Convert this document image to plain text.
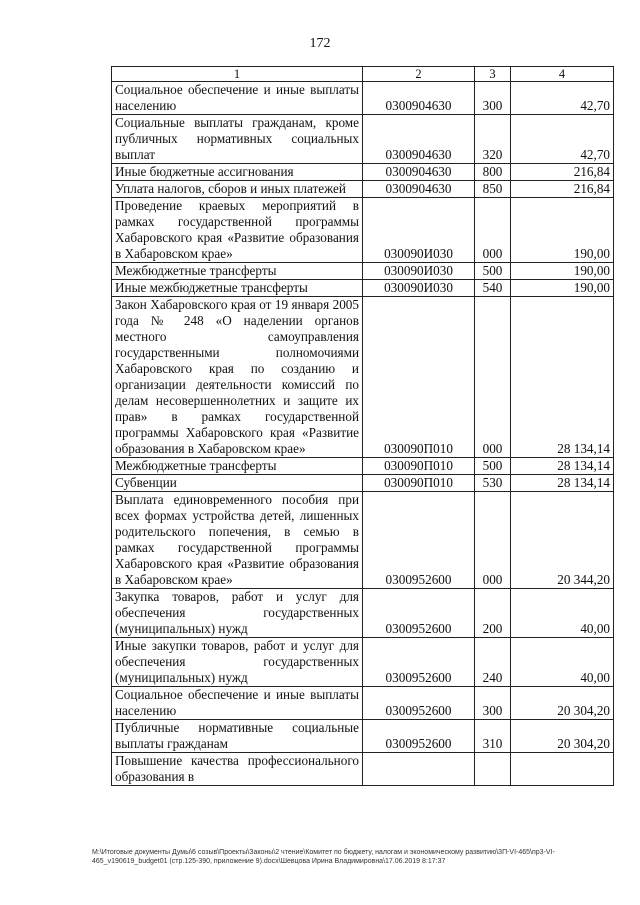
172
1	2	3	4
Социальное обеспечение и иные выплаты населению	0300904630	300	42,70
Социальные выплаты гражданам, кроме публичных нормативных социальных выплат	0300904630	320	42,70
Иные бюджетные ассигнования	0300904630	800	216,84
Уплата налогов, сборов и иных платежей	0300904630	850	216,84
Проведение краевых мероприятий в рамках государственной программы Хабаровского края «Развитие образования в Хабаровском крае»	030090И030	000	190,00
Межбюджетные трансферты	030090И030	500	190,00
Иные межбюджетные трансферты	030090И030	540	190,00
Закон Хабаровского края от 19 января 2005 года № 248 «О наделении органов местного самоуправления государственными полномочиями Хабаровского края по созданию и организации деятельности комиссий по делам несовершеннолетних и защите их прав» в рамках государственной программы Хабаровского края «Развитие образования в Хабаровском крае»	030090П010	000	28 134,14
Межбюджетные трансферты	030090П010	500	28 134,14
Субвенции	030090П010	530	28 134,14
Выплата единовременного пособия при всех формах устройства детей, лишенных родительского попечения, в семью в рамках государственной программы Хабаровского края «Развитие образования в Хабаровском крае»	0300952600	000	20 344,20
Закупка товаров, работ и услуг для обеспечения государственных (муниципальных) нужд	0300952600	200	40,00
Иные закупки товаров, работ и услуг для обеспечения государственных (муниципальных) нужд	0300952600	240	40,00
Социальное обеспечение и иные выплаты населению	0300952600	300	20 304,20
Публичные нормативные социальные выплаты гражданам	0300952600	310	20 304,20
Повышение качества профессионального образования в			
M:\Итоговые документы Думы\6 созыв\Проекты\Законы\2 чтение\Комитет по бюджету, налогам и экономическому развитию\3П-VI-465\пр3-VI-465_v190619_budget01 (стр.125-390, приложение 9).docx\Шевцова Ирина Владимировна\17.06.2019 8:17:37
